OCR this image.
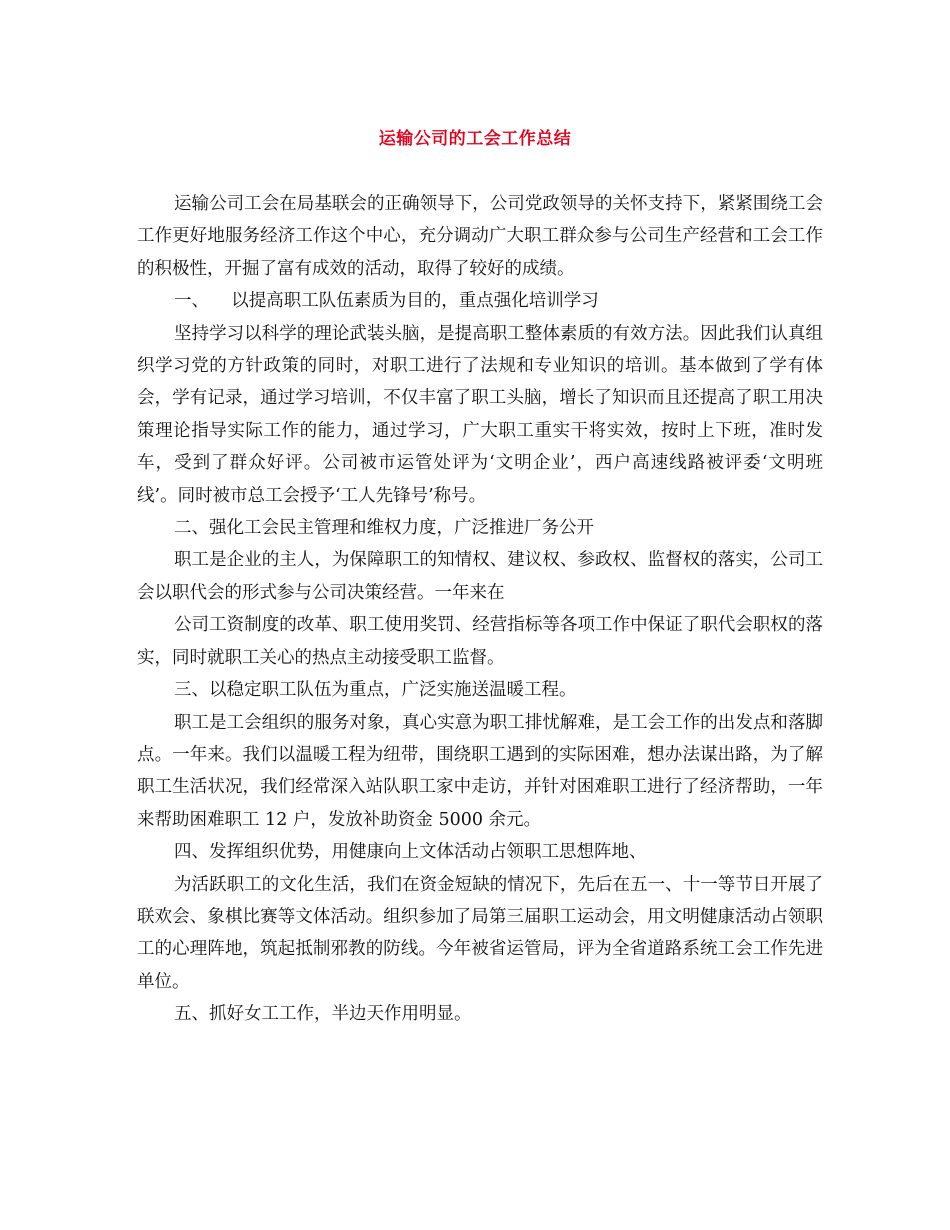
运输公司的工会工作总结

运输公司工会在局基联会的正确领导下，公司党政领导的关怀支持下，紧紧围绕工会工作更好地服务经济工作这个中心，充分调动广大职工群众参与公司生产经营和工会工作的积极性，开掘了富有成效的活动，取得了较好的成绩。

一、    以提高职工队伍素质为目的，重点强化培训学习

坚持学习以科学的理论武装头脑，是提高职工整体素质的有效方法。因此我们认真组织学习党的方针政策的同时，对职工进行了法规和专业知识的培训。基本做到了学有体会，学有记录，通过学习培训，不仅丰富了职工头脑，增长了知识而且还提高了职工用决策理论指导实际工作的能力，通过学习，广大职工重实干将实效，按时上下班，准时发车，受到了群众好评。公司被市运管处评为‘文明企业’，西户高速线路被评委‘文明班线’。同时被市总工会授予‘工人先锋号’称号。

二、强化工会民主管理和维权力度，广泛推进厂务公开

职工是企业的主人，为保障职工的知情权、建议权、参政权、监督权的落实，公司工会以职代会的形式参与公司决策经营。一年来在

公司工资制度的改革、职工使用奖罚、经营指标等各项工作中保证了职代会职权的落实，同时就职工关心的热点主动接受职工监督。

三、以稳定职工队伍为重点，广泛实施送温暖工程。

职工是工会组织的服务对象，真心实意为职工排忧解难，是工会工作的出发点和落脚点。一年来。我们以温暖工程为纽带，围绕职工遇到的实际困难，想办法谋出路，为了解职工生活状况，我们经常深入站队职工家中走访，并针对困难职工进行了经济帮助，一年来帮助困难职工 12 户，发放补助资金 5000 余元。

四、发挥组织优势，用健康向上文体活动占领职工思想阵地、

为活跃职工的文化生活，我们在资金短缺的情况下，先后在五一、十一等节日开展了联欢会、象棋比赛等文体活动。组织参加了局第三届职工运动会，用文明健康活动占领职工的心理阵地，筑起抵制邪教的防线。今年被省运管局，评为全省道路系统工会工作先进单位。

五、抓好女工工作，半边天作用明显。
